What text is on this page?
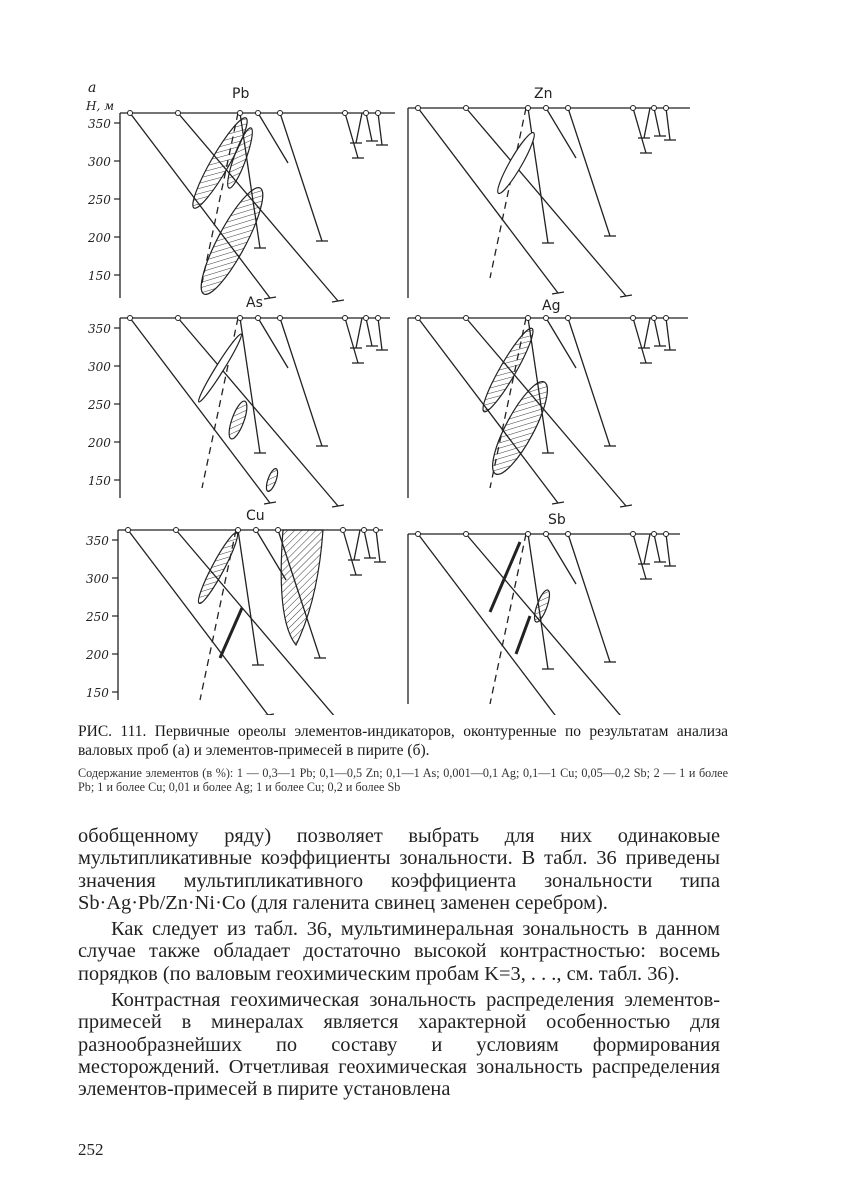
а
H, м
350
300
250
200
150
Pb	Zn
350
300
250
200
150
As	Ag
350
300
250
200
150
Cu	Sb
РИС. 111. Первичные ореолы элементов-индикаторов, оконтуренные по результатам анализа валовых проб (а) и элементов-примесей в пирите (б).
Содержание элементов (в %): 1 — 0,3—1 Pb; 0,1—0,5 Zn; 0,1—1 As; 0,001—0,1 Ag; 0,1—1 Cu; 0,05—0,2 Sb; 2 — 1 и более Pb; 1 и более Cu; 0,01 и более Ag; 1 и более Cu; 0,2 и более Sb

обобщенному ряду) позволяет выбрать для них одинаковые мультипликативные коэффициенты зональности. В табл. 36 приведены значения мультипликативного коэффициента зональности типа Sb·Ag·Pb/Zn·Ni·Co (для галенита свинец заменен серебром).

Как следует из табл. 36, мультиминеральная зональность в данном случае также обладает достаточно высокой контрастностью: восемь порядков (по валовым геохимическим пробам K=3, . . ., см. табл. 36).

Контрастная геохимическая зональность распределения элементов-примесей в минералах является характерной особенностью для разнообразнейших по составу и условиям формирования месторождений. Отчетливая геохимическая зональность распределения элементов-примесей в пирите установлена

252
